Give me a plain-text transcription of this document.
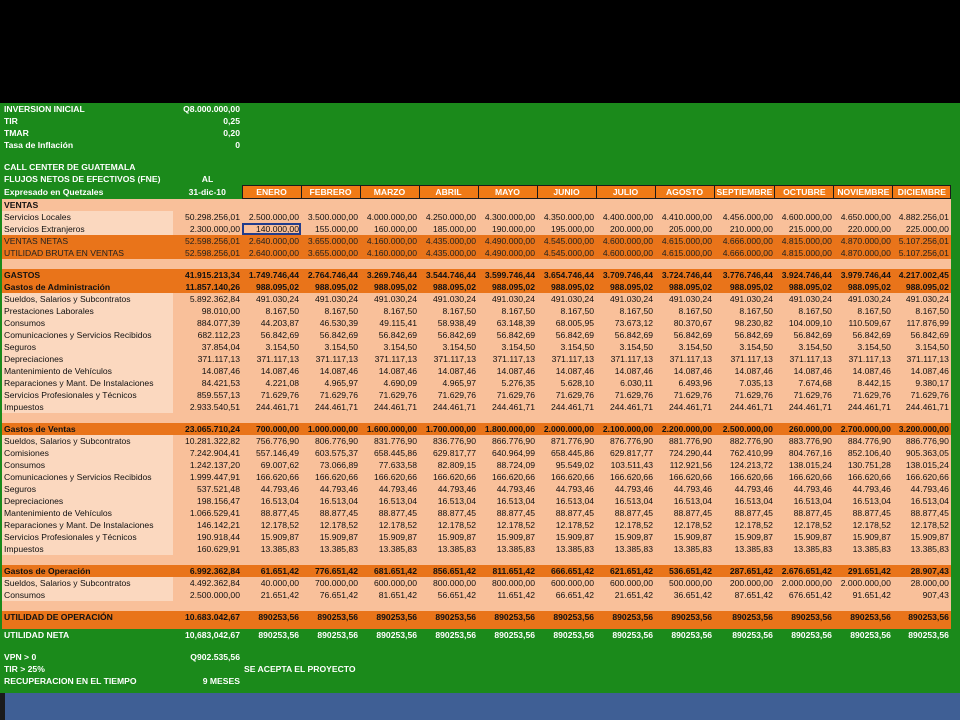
INVERSION INICIAL	Q8.000.000,00												
TIR	0,25												
TMAR	0,20												
Tasa de Inflación	0												

CALL CENTER DE GUATEMALA													
FLUJOS NETOS DE EFECTIVOS (FNE)	AL												
Expresado en Quetzales	31-dic-10	ENERO	FEBRERO	MARZO	ABRIL	MAYO	JUNIO	JULIO	AGOSTO	SEPTIEMBRE	OCTUBRE	NOVIEMBRE	DICIEMBRE
VENTAS													
Servicios Locales	50.298.256,01	2.500.000,00	3.500.000,00	4.000.000,00	4.250.000,00	4.300.000,00	4.350.000,00	4.400.000,00	4.410.000,00	4.456.000,00	4.600.000,00	4.650.000,00	4.882.256,01
Servicios Extranjeros	2.300.000,00	140.000,00	155.000,00	160.000,00	185.000,00	190.000,00	195.000,00	200.000,00	205.000,00	210.000,00	215.000,00	220.000,00	225.000,00
VENTAS NETAS	52.598.256,01	2.640.000,00	3.655.000,00	4.160.000,00	4.435.000,00	4.490.000,00	4.545.000,00	4.600.000,00	4.615.000,00	4.666.000,00	4.815.000,00	4.870.000,00	5.107.256,01
UTILIDAD BRUTA EN VENTAS	52.598.256,01	2.640.000,00	3.655.000,00	4.160.000,00	4.435.000,00	4.490.000,00	4.545.000,00	4.600.000,00	4.615.000,00	4.666.000,00	4.815.000,00	4.870.000,00	5.107.256,01

GASTOS	41.915.213,34	1.749.746,44	2.764.746,44	3.269.746,44	3.544.746,44	3.599.746,44	3.654.746,44	3.709.746,44	3.724.746,44	3.776.746,44	3.924.746,44	3.979.746,44	4.217.002,45
Gastos de Administración	11.857.140,26	988.095,02	988.095,02	988.095,02	988.095,02	988.095,02	988.095,02	988.095,02	988.095,02	988.095,02	988.095,02	988.095,02	988.095,02
Sueldos, Salarios y Subcontratos	5.892.362,84	491.030,24	491.030,24	491.030,24	491.030,24	491.030,24	491.030,24	491.030,24	491.030,24	491.030,24	491.030,24	491.030,24	491.030,24
Prestaciones Laborales	98.010,00	8.167,50	8.167,50	8.167,50	8.167,50	8.167,50	8.167,50	8.167,50	8.167,50	8.167,50	8.167,50	8.167,50	8.167,50
Consumos	884.077,39	44.203,87	46.530,39	49.115,41	58.938,49	63.148,39	68.005,95	73.673,12	80.370,67	98.230,82	104.009,10	110.509,67	117.876,99
Comunicaciones y Servicios Recibidos	682.112,23	56.842,69	56.842,69	56.842,69	56.842,69	56.842,69	56.842,69	56.842,69	56.842,69	56.842,69	56.842,69	56.842,69	56.842,69
Seguros	37.854,04	3.154,50	3.154,50	3.154,50	3.154,50	3.154,50	3.154,50	3.154,50	3.154,50	3.154,50	3.154,50	3.154,50	3.154,50
Depreciaciones	371.117,13	371.117,13	371.117,13	371.117,13	371.117,13	371.117,13	371.117,13	371.117,13	371.117,13	371.117,13	371.117,13	371.117,13	371.117,13
Mantenimiento de Vehículos	14.087,46	14.087,46	14.087,46	14.087,46	14.087,46	14.087,46	14.087,46	14.087,46	14.087,46	14.087,46	14.087,46	14.087,46	14.087,46
Reparaciones y Mant. De Instalaciones	84.421,53	4.221,08	4.965,97	4.690,09	4.965,97	5.276,35	5.628,10	6.030,11	6.493,96	7.035,13	7.674,68	8.442,15	9.380,17
Servicios Profesionales y Técnicos	859.557,13	71.629,76	71.629,76	71.629,76	71.629,76	71.629,76	71.629,76	71.629,76	71.629,76	71.629,76	71.629,76	71.629,76	71.629,76
Impuestos	2.933.540,51	244.461,71	244.461,71	244.461,71	244.461,71	244.461,71	244.461,71	244.461,71	244.461,71	244.461,71	244.461,71	244.461,71	244.461,71

Gastos de Ventas	23.065.710,24	700.000,00	1.000.000,00	1.600.000,00	1.700.000,00	1.800.000,00	2.000.000,00	2.100.000,00	2.200.000,00	2.500.000,00	260.000,00	2.700.000,00	3.200.000,00
Sueldos, Salarios y Subcontratos	10.281.322,82	756.776,90	806.776,90	831.776,90	836.776,90	866.776,90	871.776,90	876.776,90	881.776,90	882.776,90	883.776,90	884.776,90	886.776,90
Comisiones	7.242.904,41	557.146,49	603.575,37	658.445,86	629.817,77	640.964,99	658.445,86	629.817,77	724.290,44	762.410,99	804.767,16	852.106,40	905.363,05
Consumos	1.242.137,20	69.007,62	73.066,89	77.633,58	82.809,15	88.724,09	95.549,02	103.511,43	112.921,56	124.213,72	138.015,24	130.751,28	138.015,24
Comunicaciones y Servicios Recibidos	1.999.447,91	166.620,66	166.620,66	166.620,66	166.620,66	166.620,66	166.620,66	166.620,66	166.620,66	166.620,66	166.620,66	166.620,66	166.620,66
Seguros	537.521,48	44.793,46	44.793,46	44.793,46	44.793,46	44.793,46	44.793,46	44.793,46	44.793,46	44.793,46	44.793,46	44.793,46	44.793,46
Depreciaciones	198.156,47	16.513,04	16.513,04	16.513,04	16.513,04	16.513,04	16.513,04	16.513,04	16.513,04	16.513,04	16.513,04	16.513,04	16.513,04
Mantenimiento de Vehículos	1.066.529,41	88.877,45	88.877,45	88.877,45	88.877,45	88.877,45	88.877,45	88.877,45	88.877,45	88.877,45	88.877,45	88.877,45	88.877,45
Reparaciones y Mant. De Instalaciones	146.142,21	12.178,52	12.178,52	12.178,52	12.178,52	12.178,52	12.178,52	12.178,52	12.178,52	12.178,52	12.178,52	12.178,52	12.178,52
Servicios Profesionales y Técnicos	190.918,44	15.909,87	15.909,87	15.909,87	15.909,87	15.909,87	15.909,87	15.909,87	15.909,87	15.909,87	15.909,87	15.909,87	15.909,87
Impuestos	160.629,91	13.385,83	13.385,83	13.385,83	13.385,83	13.385,83	13.385,83	13.385,83	13.385,83	13.385,83	13.385,83	13.385,83	13.385,83

Gastos de Operación	6.992.362,84	61.651,42	776.651,42	681.651,42	856.651,42	811.651,42	666.651,42	621.651,42	536.651,42	287.651,42	2.676.651,42	291.651,42	28.907,43
Sueldos, Salarios y Subcontratos	4.492.362,84	40.000,00	700.000,00	600.000,00	800.000,00	800.000,00	600.000,00	600.000,00	500.000,00	200.000,00	2.000.000,00	2.000.000,00	28.000,00
Consumos	2.500.000,00	21.651,42	76.651,42	81.651,42	56.651,42	11.651,42	66.651,42	21.651,42	36.651,42	87.651,42	676.651,42	91.651,42	907,43

UTILIDAD DE OPERACIÓN	10.683.042,67	890253,56	890253,56	890253,56	890253,56	890253,56	890253,56	890253,56	890253,56	890253,56	890253,56	890253,56	890253,56

UTILIDAD NETA	10,683,042,67	890253,56	890253,56	890253,56	890253,56	890253,56	890253,56	890253,56	890253,56	890253,56	890253,56	890253,56	890253,56

VPN > 0	Q902.535,56												
TIR > 25%		SE ACEPTA EL PROYECTO											
RECUPERACION EN EL TIEMPO	9 MESES												
